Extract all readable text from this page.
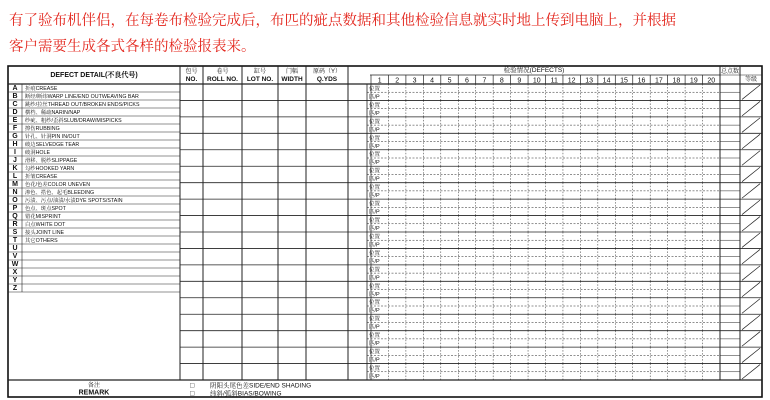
有了验布机伴侣，在每卷布检验完成后，布匹的疵点数据和其他检验信息就实时地上传到电脑上，并根据
客户需要生成各式各样的检验报表来。
DEFECT DETAIL(不良代号)	包号
NO.
卷号
ROLL NO.
缸号
LOT NO.
门幅
WIDTH
原码（Y）
Q.YDS
检验情况(DEFECTS)
1 2 3 4 5 6 7 8 9 10 11 12 13 14 15 16 17 18 19 20
总点数
等级
A 折痕CREASE
B 断经/断纬WARP LINE/END OUTWEAVING BAR
C 跳纱/拉丝THREAD OUT/BROKEN ENDS/PICKS
D 横档、稀疏NARIN/NAP
E 纱疵、粗纱/歪斜SLUB/DRAW/MISPICKS
F 擦伤RUBBING
G 针孔、针洞PIN IN/OUT
H 破边SELVEDGE TEAR
I 破洞HOLE
J 滑移、脱纱SLIPPAGE
K 勾纱HOOKED YARN
L 折皱CREASE
M 色花/色差COLOR UNEVEN
N 渗色、搭色、起毛BLEEDING
O 污渍、污点/油渍/水渍DYE SPOTS/STAIN
P 色点、斑点SPOT
Q 错花MISPRINT
R 白点WHITE DOT
S 接头JOINT LINE
T 其它OTHERS
U
V
W
X
Y
Z
位置
匹/P
位置
匹/P
位置
匹/P
位置
匹/P
位置
匹/P
位置
匹/P
位置
匹/P
位置
匹/P
位置
匹/P
位置
匹/P
位置
匹/P
位置
匹/P
位置
匹/P
位置
匹/P
位置
匹/P
位置
匹/P
位置
匹/P
位置
匹/P
备注
REMARK
□ 阴阳头尾色差SIDE/END SHADING
□ 纬斜/弧斜BIAS/BOWING
